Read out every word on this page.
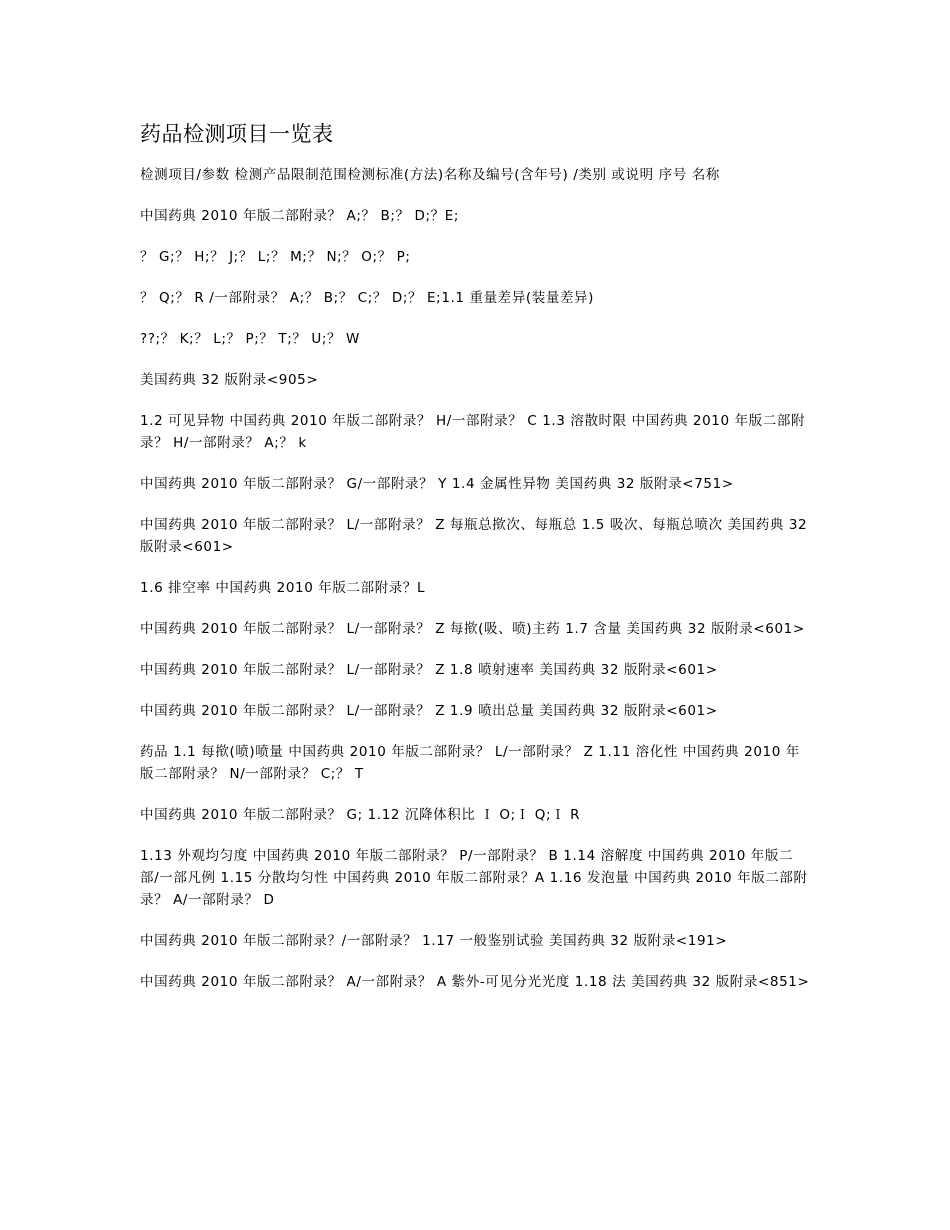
药品检测项目一览表

检测项目/参数 检测产品限制范围检测标准(方法)名称及编号(含年号) /类别 或说明 序号 名称

中国药典 2010 年版二部附录？ A;？ B;？ D;？E;

？ G;？ H;？ J;？ L;？ M;？ N;？ O;？ P;

？ Q;？ R /一部附录？ A;？ B;？ C;？ D;？ E;1.1 重量差异(装量差异)

??;？ K;？ L;？ P;？ T;？ U;？ W

美国药典 32 版附录<905>

1.2 可见异物 中国药典 2010 年版二部附录？ H/一部附录？ C 1.3 溶散时限 中国药典 2010 年版二部附录？ H/一部附录？ A;？ k

中国药典 2010 年版二部附录？ G/一部附录？ Y 1.4 金属性异物 美国药典 32 版附录<751>

中国药典 2010 年版二部附录？ L/一部附录？ Z 每瓶总揿次、每瓶总 1.5 吸次、每瓶总喷次 美国药典 32 版附录<601>

1.6 排空率 中国药典 2010 年版二部附录？L

中国药典 2010 年版二部附录？ L/一部附录？ Z 每揿(吸、喷)主药 1.7 含量 美国药典 32 版附录<601>

中国药典 2010 年版二部附录？ L/一部附录？ Z 1.8 喷射速率 美国药典 32 版附录<601>

中国药典 2010 年版二部附录？ L/一部附录？ Z 1.9 喷出总量 美国药典 32 版附录<601>

药品 1.1 每揿(喷)喷量 中国药典 2010 年版二部附录？ L/一部附录？ Z 1.11 溶化性 中国药典 2010 年版二部附录？ N/一部附录？ C;？ T

中国药典 2010 年版二部附录？ G; 1.12 沉降体积比 Ｉ O;Ｉ Q;Ｉ R

1.13 外观均匀度 中国药典 2010 年版二部附录？ P/一部附录？ B 1.14 溶解度 中国药典 2010 年版二部/一部凡例 1.15 分散均匀性 中国药典 2010 年版二部附录？A 1.16 发泡量 中国药典 2010 年版二部附录？ A/一部附录？ D

中国药典 2010 年版二部附录？/一部附录？ 1.17 一般鉴别试验 美国药典 32 版附录<191>

中国药典 2010 年版二部附录？ A/一部附录？ A 紫外-可见分光光度 1.18 法 美国药典 32 版附录<851>
